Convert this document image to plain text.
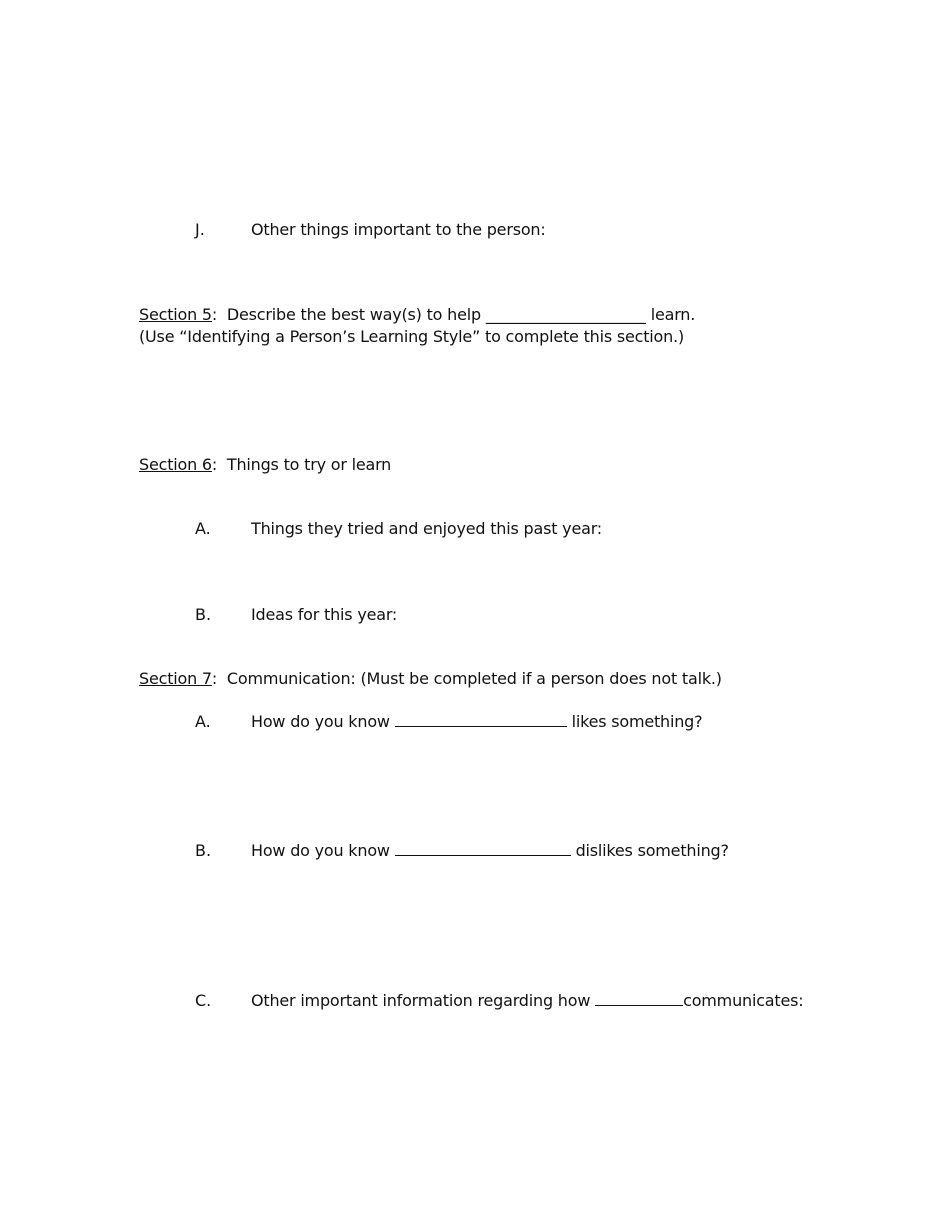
J.	Other things important to the person:
Section 5:  Describe the best way(s) to help ____________________ learn.
(Use “Identifying a Person’s Learning Style” to complete this section.)
Section 6:  Things to try or learn
A.	Things they tried and enjoyed this past year:
B. Ideas for this year:
Section 7:  Communication: (Must be completed if a person does not talk.)
A.	How do you know	likes something?
B. How do you know	dislikes something?
C. Other important information regarding how	communicates:
